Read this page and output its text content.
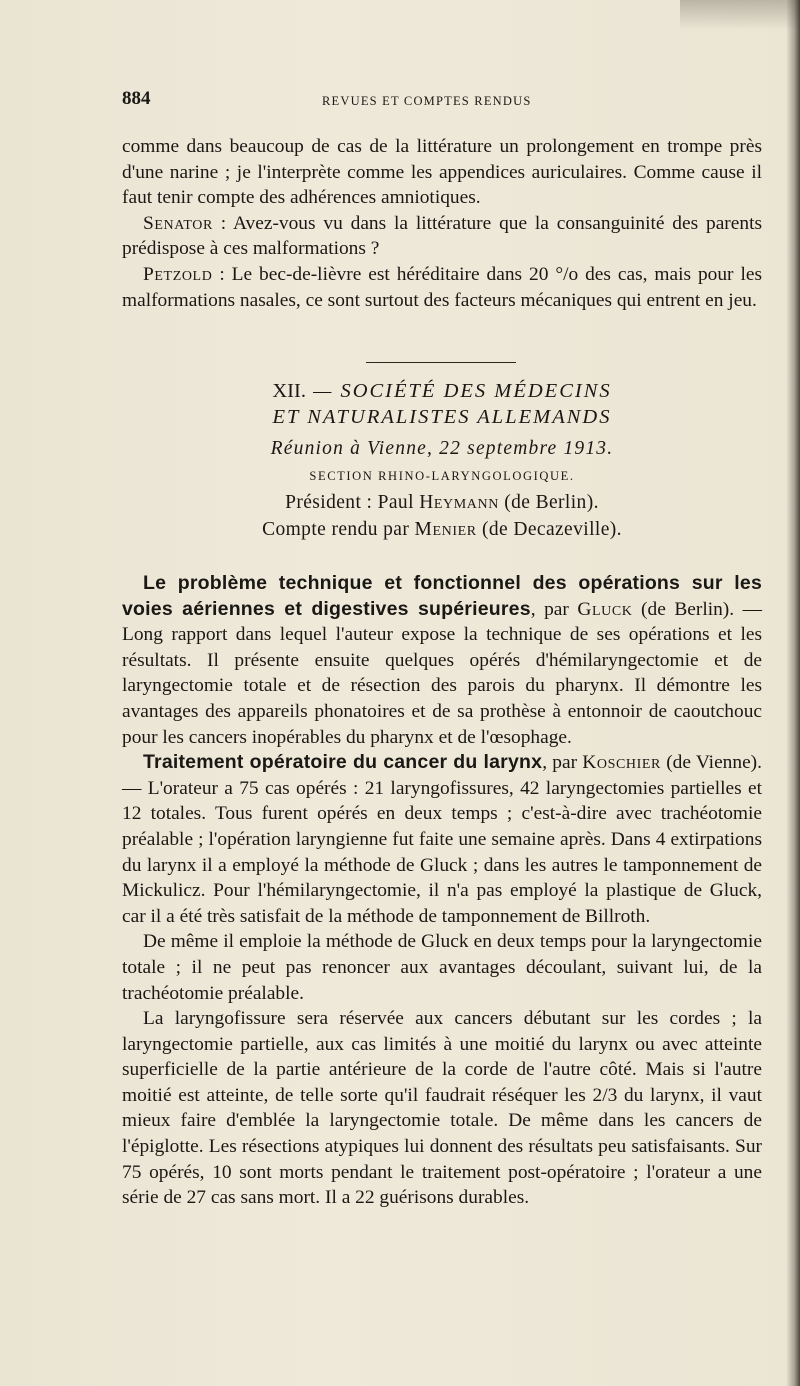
884	REVUES ET COMPTES RENDUS

comme dans beaucoup de cas de la littérature un prolongement en trompe près d'une narine ; je l'interprète comme les appendices auriculaires. Comme cause il faut tenir compte des adhérences amniotiques.

Senator : Avez-vous vu dans la littérature que la consanguinité des parents prédispose à ces malformations ?

Petzold : Le bec-de-lièvre est héréditaire dans 20 °/o des cas, mais pour les malformations nasales, ce sont surtout des facteurs mécaniques qui entrent en jeu.

XII. — SOCIÉTÉ DES MÉDECINS
ET NATURALISTES ALLEMANDS
Réunion à Vienne, 22 septembre 1913.
SECTION RHINO-LARYNGOLOGIQUE.
Président : Paul Heymann (de Berlin).
Compte rendu par Menier (de Decazeville).

Le problème technique et fonctionnel des opérations sur les voies aériennes et digestives supérieures, par Gluck (de Berlin). — Long rapport dans lequel l'auteur expose la technique de ses opérations et les résultats. Il présente ensuite quelques opérés d'hémilaryngectomie et de laryngectomie totale et de résection des parois du pharynx. Il démontre les avantages des appareils phonatoires et de sa prothèse à entonnoir de caoutchouc pour les cancers inopérables du pharynx et de l'œsophage.

Traitement opératoire du cancer du larynx, par Koschier (de Vienne). — L'orateur a 75 cas opérés : 21 laryngofissures, 42 laryngectomies partielles et 12 totales. Tous furent opérés en deux temps ; c'est-à-dire avec trachéotomie préalable ; l'opération laryngienne fut faite une semaine après. Dans 4 extirpations du larynx il a employé la méthode de Gluck ; dans les autres le tamponnement de Mickulicz. Pour l'hémilaryngectomie, il n'a pas employé la plastique de Gluck, car il a été très satisfait de la méthode de tamponnement de Billroth.

De même il emploie la méthode de Gluck en deux temps pour la laryngectomie totale ; il ne peut pas renoncer aux avantages découlant, suivant lui, de la trachéotomie préalable.

La laryngofissure sera réservée aux cancers débutant sur les cordes ; la laryngectomie partielle, aux cas limités à une moitié du larynx ou avec atteinte superficielle de la partie antérieure de la corde de l'autre côté. Mais si l'autre moitié est atteinte, de telle sorte qu'il faudrait réséquer les 2/3 du larynx, il vaut mieux faire d'emblée la laryngectomie totale. De même dans les cancers de l'épiglotte. Les résections atypiques lui donnent des résultats peu satisfaisants. Sur 75 opérés, 10 sont morts pendant le traitement post-opératoire ; l'orateur a une série de 27 cas sans mort. Il a 22 guérisons durables.
